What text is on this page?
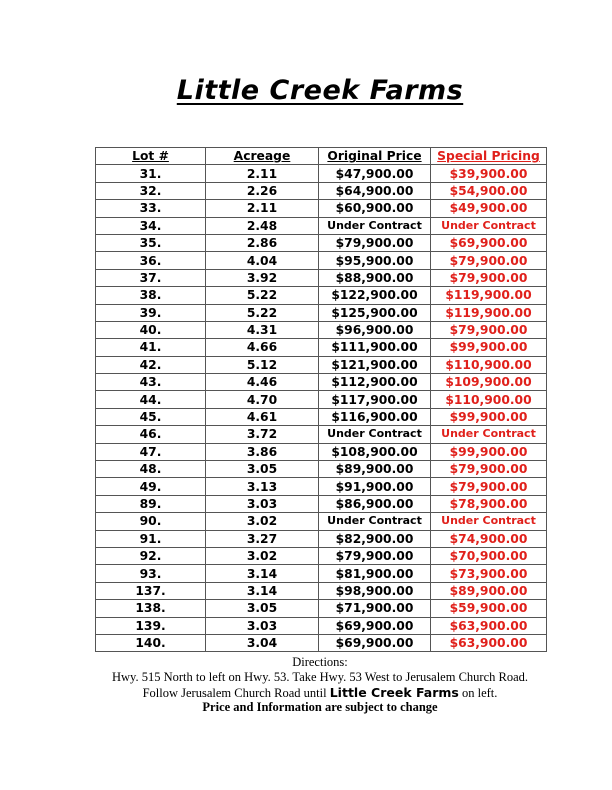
Little Creek Farms
Lot #	Acreage	Original Price	Special Pricing
31.	2.11	$47,900.00	$39,900.00
32.	2.26	$64,900.00	$54,900.00
33.	2.11	$60,900.00	$49,900.00
34.	2.48	Under Contract	Under Contract
35.	2.86	$79,900.00	$69,900.00
36.	4.04	$95,900.00	$79,900.00
37.	3.92	$88,900.00	$79,900.00
38.	5.22	$122,900.00	$119,900.00
39.	5.22	$125,900.00	$119,900.00
40.	4.31	$96,900.00	$79,900.00
41.	4.66	$111,900.00	$99,900.00
42.	5.12	$121,900.00	$110,900.00
43.	4.46	$112,900.00	$109,900.00
44.	4.70	$117,900.00	$110,900.00
45.	4.61	$116,900.00	$99,900.00
46.	3.72	Under Contract	Under Contract
47.	3.86	$108,900.00	$99,900.00
48.	3.05	$89,900.00	$79,900.00
49.	3.13	$91,900.00	$79,900.00
89.	3.03	$86,900.00	$78,900.00
90.	3.02	Under Contract	Under Contract
91.	3.27	$82,900.00	$74,900.00
92.	3.02	$79,900.00	$70,900.00
93.	3.14	$81,900.00	$73,900.00
137.	3.14	$98,900.00	$89,900.00
138.	3.05	$71,900.00	$59,900.00
139.	3.03	$69,900.00	$63,900.00
140.	3.04	$69,900.00	$63,900.00
Directions:
Hwy. 515 North to left on Hwy. 53. Take Hwy. 53 West to Jerusalem Church Road.
Follow Jerusalem Church Road until Little Creek Farms on left.
Price and Information are subject to change
